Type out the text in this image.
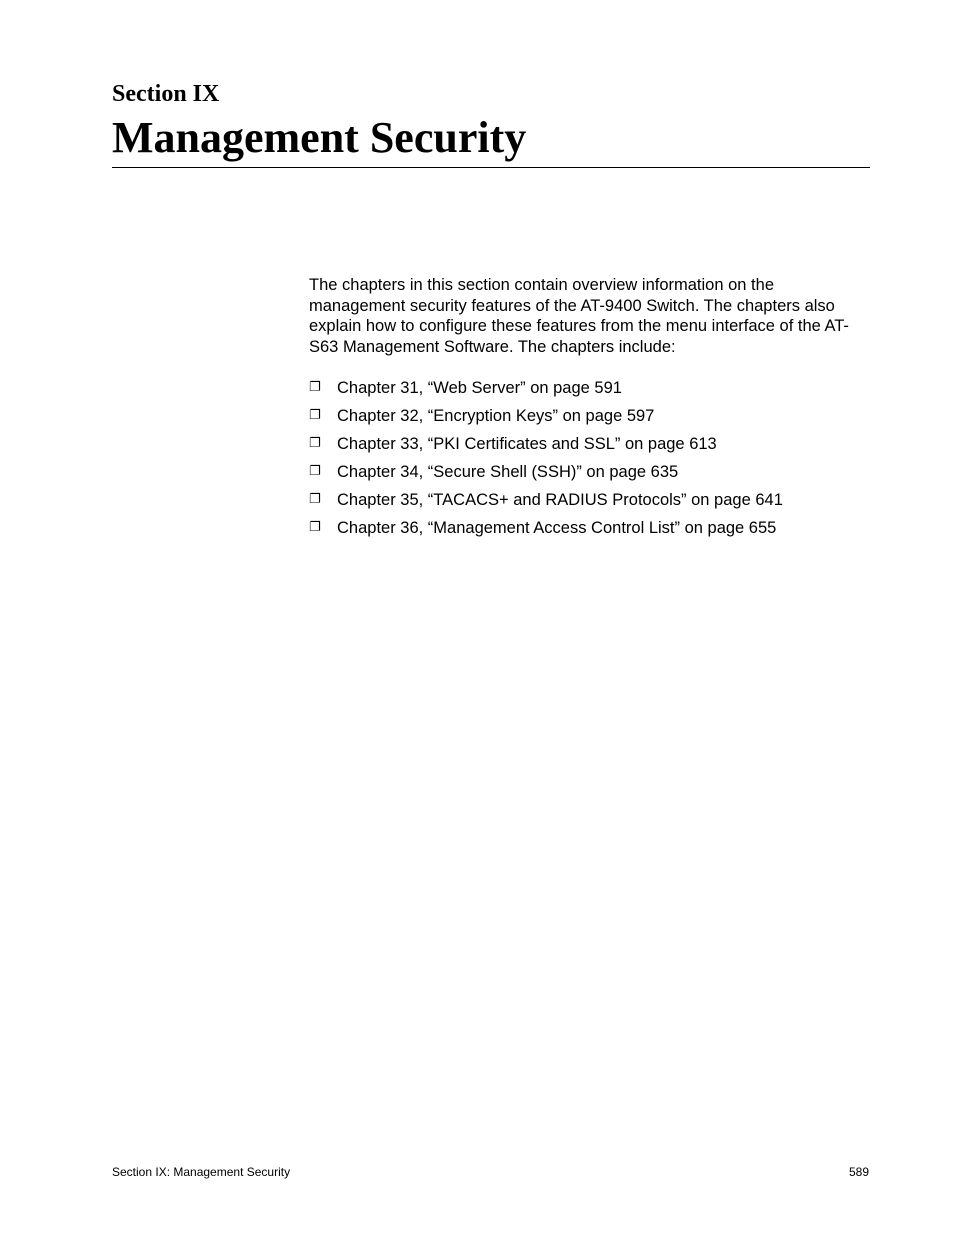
Section IX
Management Security

The chapters in this section contain overview information on the management security features of the AT-9400 Switch. The chapters also explain how to configure these features from the menu interface of the AT-S63 Management Software. The chapters include:

❐ Chapter 31, “Web Server” on page 591
❐ Chapter 32, “Encryption Keys” on page 597
❐ Chapter 33, “PKI Certificates and SSL” on page 613
❐ Chapter 34, “Secure Shell (SSH)” on page 635
❐ Chapter 35, “TACACS+ and RADIUS Protocols” on page 641
❐ Chapter 36, “Management Access Control List” on page 655
Section IX: Management Security	589
